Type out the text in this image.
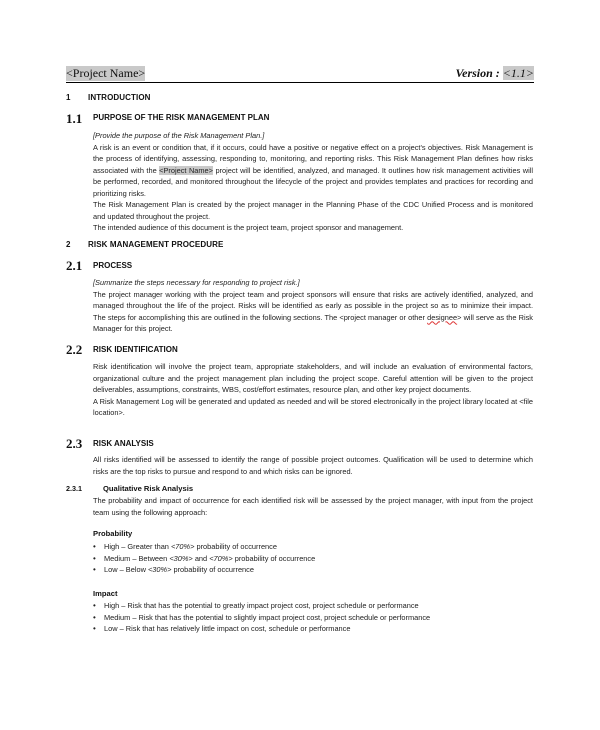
<Project Name>	Version : <1.1>
1 INTRODUCTION
1.1 PURPOSE OF THE RISK MANAGEMENT PLAN

[Provide the purpose of the Risk Management Plan.]

A risk is an event or condition that, if it occurs, could have a positive or negative effect on a project's objectives. Risk Management is the process of identifying, assessing, responding to, monitoring, and reporting risks. This Risk Management Plan defines how risks associated with the <Project Name> project will be identified, analyzed, and managed. It outlines how risk management activities will be performed, recorded, and monitored throughout the lifecycle of the project and provides templates and practices for recording and prioritizing risks.

The Risk Management Plan is created by the project manager in the Planning Phase of the CDC Unified Process and is monitored and updated throughout the project.

The intended audience of this document is the project team, project sponsor and management.

2 RISK MANAGEMENT PROCEDURE
2.1 PROCESS

[Summarize the steps necessary for responding to project risk.]

The project manager working with the project team and project sponsors will ensure that risks are actively identified, analyzed, and managed throughout the life of the project. Risks will be identified as early as possible in the project so as to minimize their impact. The steps for accomplishing this are outlined in the following sections. The <project manager or other designee> will serve as the Risk Manager for this project.

2.2 RISK IDENTIFICATION

Risk identification will involve the project team, appropriate stakeholders, and will include an evaluation of environmental factors, organizational culture and the project management plan including the project scope. Careful attention will be given to the project deliverables, assumptions, constraints, WBS, cost/effort estimates, resource plan, and other key project documents.

A Risk Management Log will be generated and updated as needed and will be stored electronically in the project library located at <file location>.

2.3 RISK ANALYSIS

All risks identified will be assessed to identify the range of possible project outcomes. Qualification will be used to determine which risks are the top risks to pursue and respond to and which risks can be ignored.

2.3.1	Qualitative Risk Analysis

The probability and impact of occurrence for each identified risk will be assessed by the project manager, with input from the project team using the following approach:

Probability
• High – Greater than <70%> probability of occurrence
• Medium – Between <30%> and <70%> probability of occurrence
• Low – Below <30%> probability of occurrence
Impact
• High – Risk that has the potential to greatly impact project cost, project schedule or performance
• Medium – Risk that has the potential to slightly impact project cost, project schedule or performance
• Low – Risk that has relatively little impact on cost, schedule or performance
